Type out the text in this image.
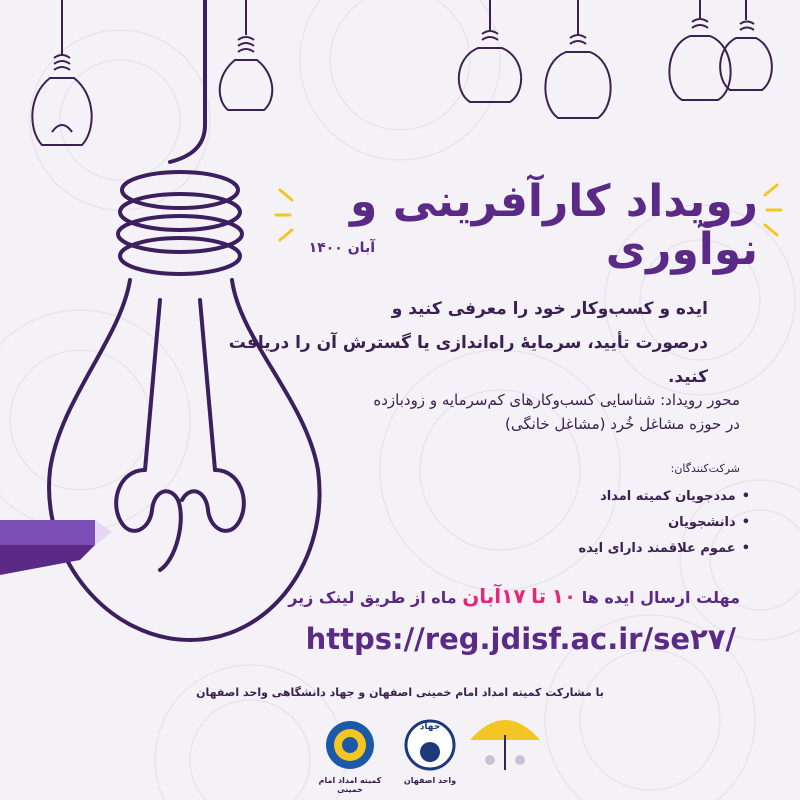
رویداد کارآفرینی و نوآوری
آبان ۱۴۰۰
ایده و کسب‌و‌کار خود را معرفی کنید و
درصورت تأیید، سرمایهٔ راه‌اندازی یا گسترش آن را دریافت کنید.
محور رویداد: شناسایی کسب‌و‌کارهای کم‌سرمایه و زودبازده
در حوزه مشاغل خُرد (مشاغل خانگی)
شرکت‌کنندگان:
• مددجویان کمیته امداد
• دانشجویان
• عموم علاقمند دارای ایده
مهلت ارسال ایده ها ۱۰ تا ۱۷آبان ماه از طریق لینک زیر
https://reg.jdisf.ac.ir/se۲۷/
با مشارکت کمیته امداد امام خمینی اصفهان و جهاد دانشگاهی واحد اصفهان
کمیته امداد امام خمینی
واحد اصفهان
جهاد
